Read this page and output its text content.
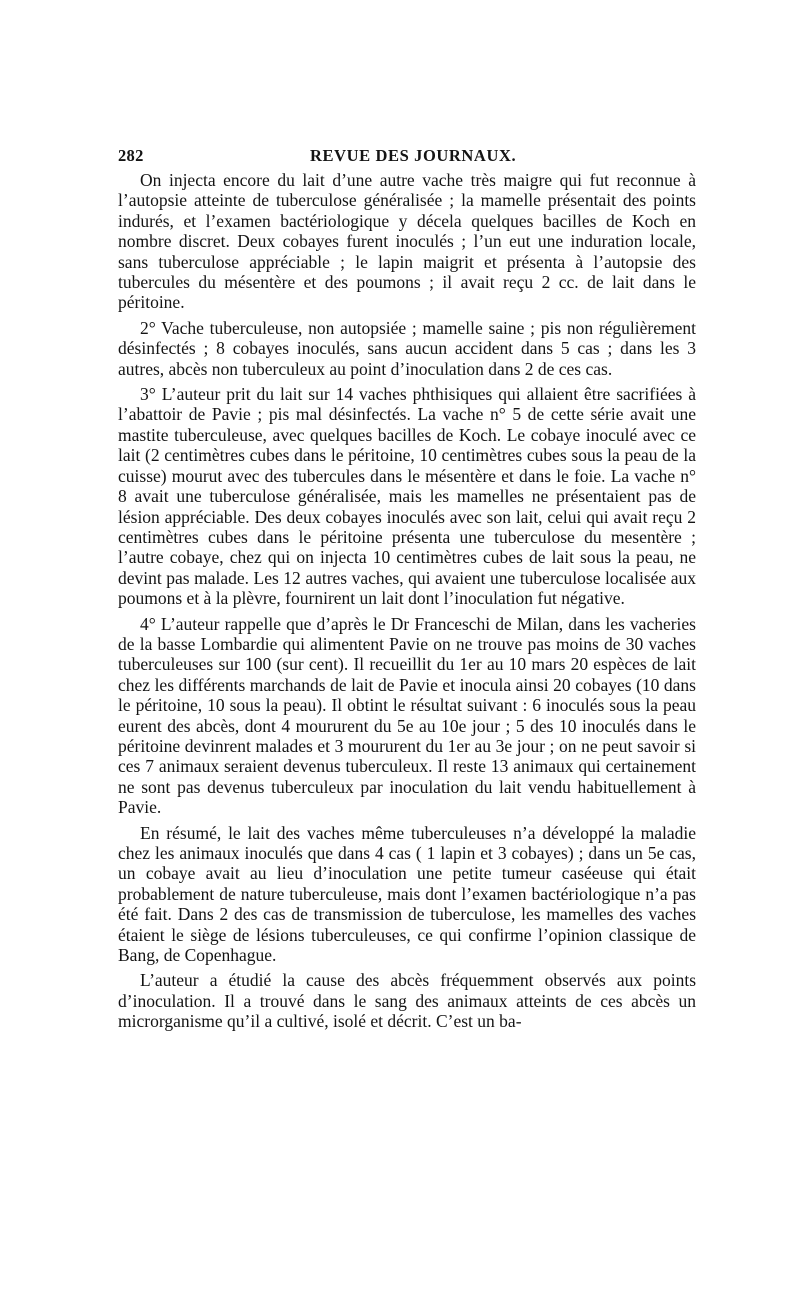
282	REVUE DES JOURNAUX.

On injecta encore du lait d’une autre vache très maigre qui fut reconnue à l’autopsie atteinte de tuberculose généralisée ; la mamelle présentait des points indurés, et l’examen bactériologique y décela quelques bacilles de Koch en nombre discret. Deux cobayes furent inoculés ; l’un eut une induration locale, sans tuberculose appréciable ; le lapin maigrit et présenta à l’autopsie des tubercules du mésentère et des poumons ; il avait reçu 2 cc. de lait dans le péritoine.

2° Vache tuberculeuse, non autopsiée ; mamelle saine ; pis non régulièrement désinfectés ; 8 cobayes inoculés, sans aucun accident dans 5 cas ; dans les 3 autres, abcès non tuberculeux au point d’inoculation dans 2 de ces cas.

3° L’auteur prit du lait sur 14 vaches phthisiques qui allaient être sacrifiées à l’abattoir de Pavie ; pis mal désinfectés. La vache n° 5 de cette série avait une mastite tuberculeuse, avec quelques bacilles de Koch. Le cobaye inoculé avec ce lait (2 centimètres cubes dans le péritoine, 10 centimètres cubes sous la peau de la cuisse) mourut avec des tubercules dans le mésentère et dans le foie. La vache n° 8 avait une tuberculose généralisée, mais les mamelles ne présentaient pas de lésion appréciable. Des deux cobayes inoculés avec son lait, celui qui avait reçu 2 centimètres cubes dans le péritoine présenta une tuberculose du mesentère ; l’autre cobaye, chez qui on injecta 10 centimètres cubes de lait sous la peau, ne devint pas malade. Les 12 autres vaches, qui avaient une tuberculose localisée aux poumons et à la plèvre, fournirent un lait dont l’inoculation fut négative.

4° L’auteur rappelle que d’après le Dr Franceschi de Milan, dans les vacheries de la basse Lombardie qui alimentent Pavie on ne trouve pas moins de 30 vaches tuberculeuses sur 100 (sur cent). Il recueillit du 1er au 10 mars 20 espèces de lait chez les différents marchands de lait de Pavie et inocula ainsi 20 cobayes (10 dans le péritoine, 10 sous la peau). Il obtint le résultat suivant : 6 inoculés sous la peau eurent des abcès, dont 4 moururent du 5e au 10e jour ; 5 des 10 inoculés dans le péritoine devinrent malades et 3 moururent du 1er au 3e jour ; on ne peut savoir si ces 7 animaux seraient devenus tuberculeux. Il reste 13 animaux qui certainement ne sont pas devenus tuberculeux par inoculation du lait vendu habituellement à Pavie.

En résumé, le lait des vaches même tuberculeuses n’a développé la maladie chez les animaux inoculés que dans 4 cas ( 1 lapin et 3 cobayes) ; dans un 5e cas, un cobaye avait au lieu d’inoculation une petite tumeur caséeuse qui était probablement de nature tuberculeuse, mais dont l’examen bactériologique n’a pas été fait. Dans 2 des cas de transmission de tuberculose, les mamelles des vaches étaient le siège de lésions tuberculeuses, ce qui confirme l’opinion classique de Bang, de Copenhague.

L’auteur a étudié la cause des abcès fréquemment observés aux points d’inoculation. Il a trouvé dans le sang des animaux atteints de ces abcès un microrganisme qu’il a cultivé, isolé et décrit. C’est un ba-
